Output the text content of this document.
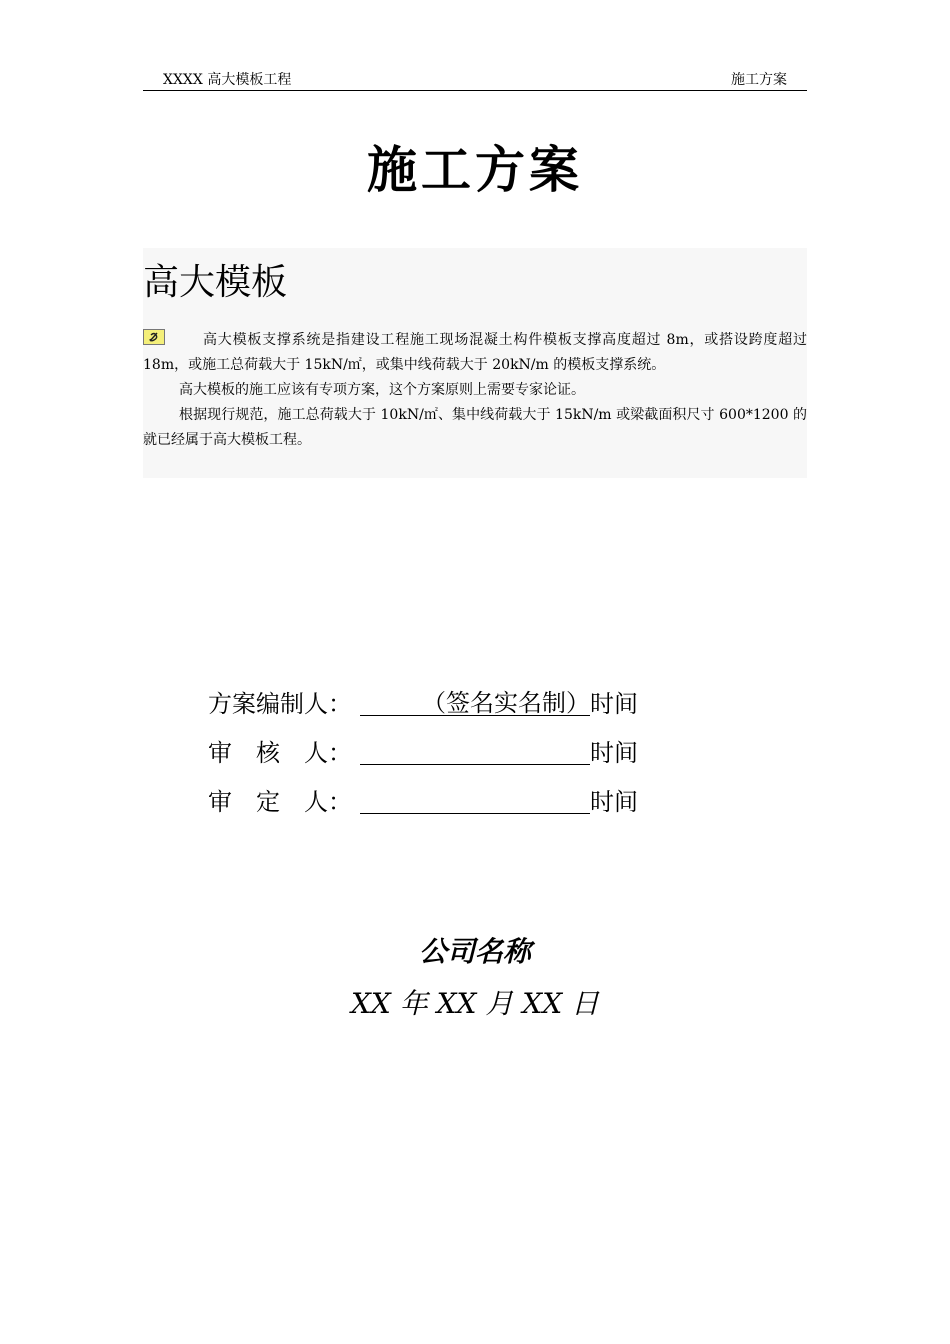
XXXX 高大模板工程	施工方案
施工方案
高大模板

高大模板支撑系统是指建设工程施工现场混凝土构件模板支撑高度超过 8m，或搭设跨度超过 18m，或施工总荷载大于 15kN/㎡，或集中线荷载大于 20kN/m 的模板支撑系统。

高大模板的施工应该有专项方案，这个方案原则上需要专家论证。

根据现行规范，施工总荷载大于 10kN/㎡、集中线荷载大于 15kN/m 或梁截面积尺寸 600*1200 的就已经属于高大模板工程。

方案编制人：	（签名实名制）时间
审　核　人：	时间
审　定　人：	时间
公司名称
XX 年 XX 月 XX 日
